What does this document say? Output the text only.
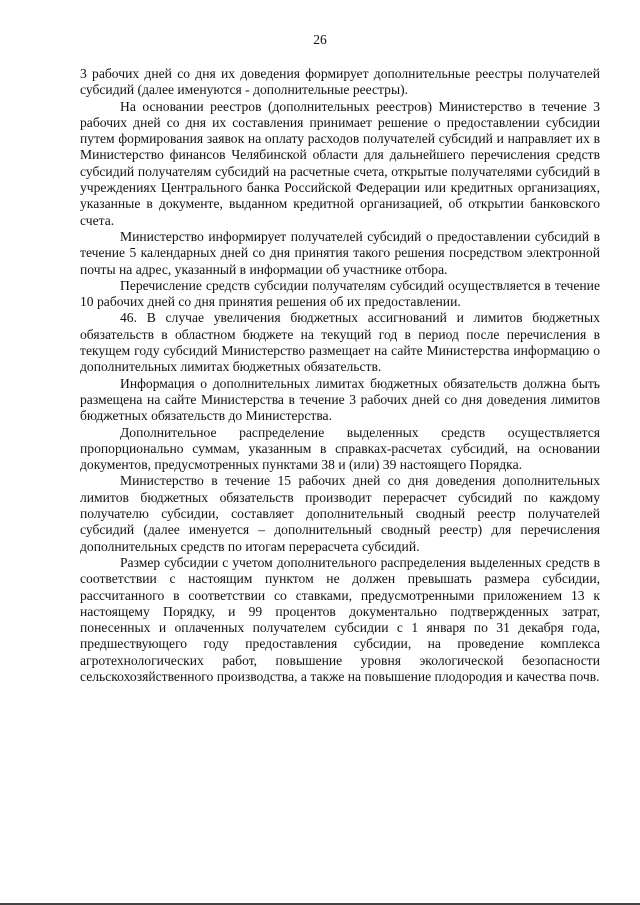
26

3 рабочих дней со дня их доведения формирует дополнительные реестры получателей субсидий (далее именуются - дополнительные реестры).

На основании реестров (дополнительных реестров) Министерство в течение 3 рабочих дней со дня их составления принимает решение о предоставлении субсидии путем формирования заявок на оплату расходов получателей субсидий и направляет их в Министерство финансов Челябинской области для дальнейшего перечисления средств субсидий получателям субсидий на расчетные счета, открытые получателями субсидий в учреждениях Центрального банка Российской Федерации или кредитных организациях, указанные в документе, выданном кредитной организацией, об открытии банковского счета.

Министерство информирует получателей субсидий о предоставлении субсидий в течение 5 календарных дней со дня принятия такого решения посредством электронной почты на адрес, указанный в информации об участнике отбора.

Перечисление средств субсидии получателям субсидий осуществляется в течение 10 рабочих дней со дня принятия решения об их предоставлении.

46. В случае увеличения бюджетных ассигнований и лимитов бюджетных обязательств в областном бюджете на текущий год в период после перечисления в текущем году субсидий Министерство размещает на сайте Министерства информацию о дополнительных лимитах бюджетных обязательств.

Информация о дополнительных лимитах бюджетных обязательств должна быть размещена на сайте Министерства в течение 3 рабочих дней со дня доведения лимитов бюджетных обязательств до Министерства.

Дополнительное распределение выделенных средств осуществляется пропорционально суммам, указанным в справках-расчетах субсидий, на основании документов, предусмотренных пунктами 38 и (или) 39 настоящего Порядка.

Министерство в течение 15 рабочих дней со дня доведения дополнительных лимитов бюджетных обязательств производит перерасчет субсидий по каждому получателю субсидии, составляет дополнительный сводный реестр получателей субсидий (далее именуется – дополнительный сводный реестр) для перечисления дополнительных средств по итогам перерасчета субсидий.

Размер субсидии с учетом дополнительного распределения выделенных средств в соответствии с настоящим пунктом не должен превышать размера субсидии, рассчитанного в соответствии со ставками, предусмотренными приложением 13 к настоящему Порядку, и 99 процентов документально подтвержденных затрат, понесенных и оплаченных получателем субсидии с 1 января по 31 декабря года, предшествующего году предоставления субсидии, на проведение комплекса агротехнологических работ, повышение уровня экологической безопасности сельскохозяйственного производства, а также на повышение плодородия и качества почв.
